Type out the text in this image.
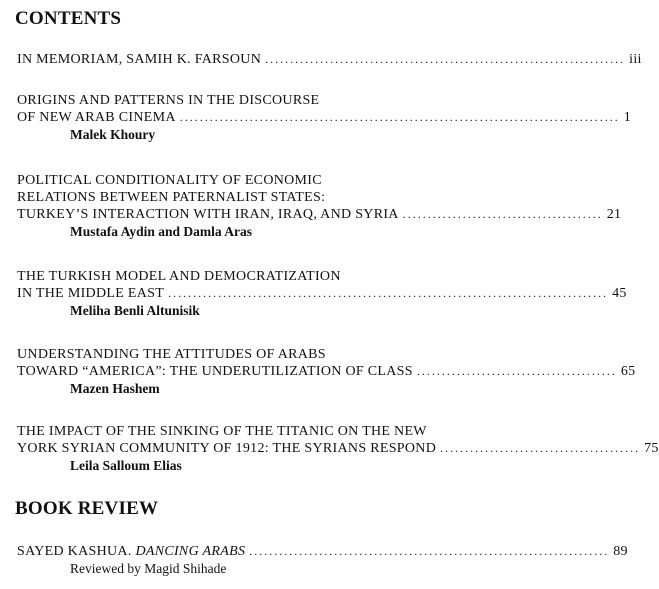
CONTENTS
IN MEMORIAM, SAMIH K. FARSOUN ........................................................................ iii
ORIGINS AND PATTERNS IN THE DISCOURSE
OF NEW ARAB CINEMA ........................................................................................ 1
Malek Khoury
POLITICAL CONDITIONALITY OF ECONOMIC
RELATIONS BETWEEN PATERNALIST STATES:
TURKEY’S INTERACTION WITH IRAN, IRAQ, AND SYRIA ........................................ 21
Mustafa Aydin and Damla Aras
THE TURKISH MODEL AND DEMOCRATIZATION
IN THE MIDDLE EAST ........................................................................................ 45
Meliha Benli Altunisik
UNDERSTANDING THE ATTITUDES OF ARABS
TOWARD “AMERICA”: THE UNDERUTILIZATION OF CLASS ........................................ 65
Mazen Hashem
THE IMPACT OF THE SINKING OF THE TITANIC ON THE NEW
YORK SYRIAN COMMUNITY OF 1912: THE SYRIANS RESPOND ........................................ 75
Leila Salloum Elias
BOOK REVIEW
SAYED KASHUA. DANCING ARABS ........................................................................ 89
Reviewed by Magid Shihade
